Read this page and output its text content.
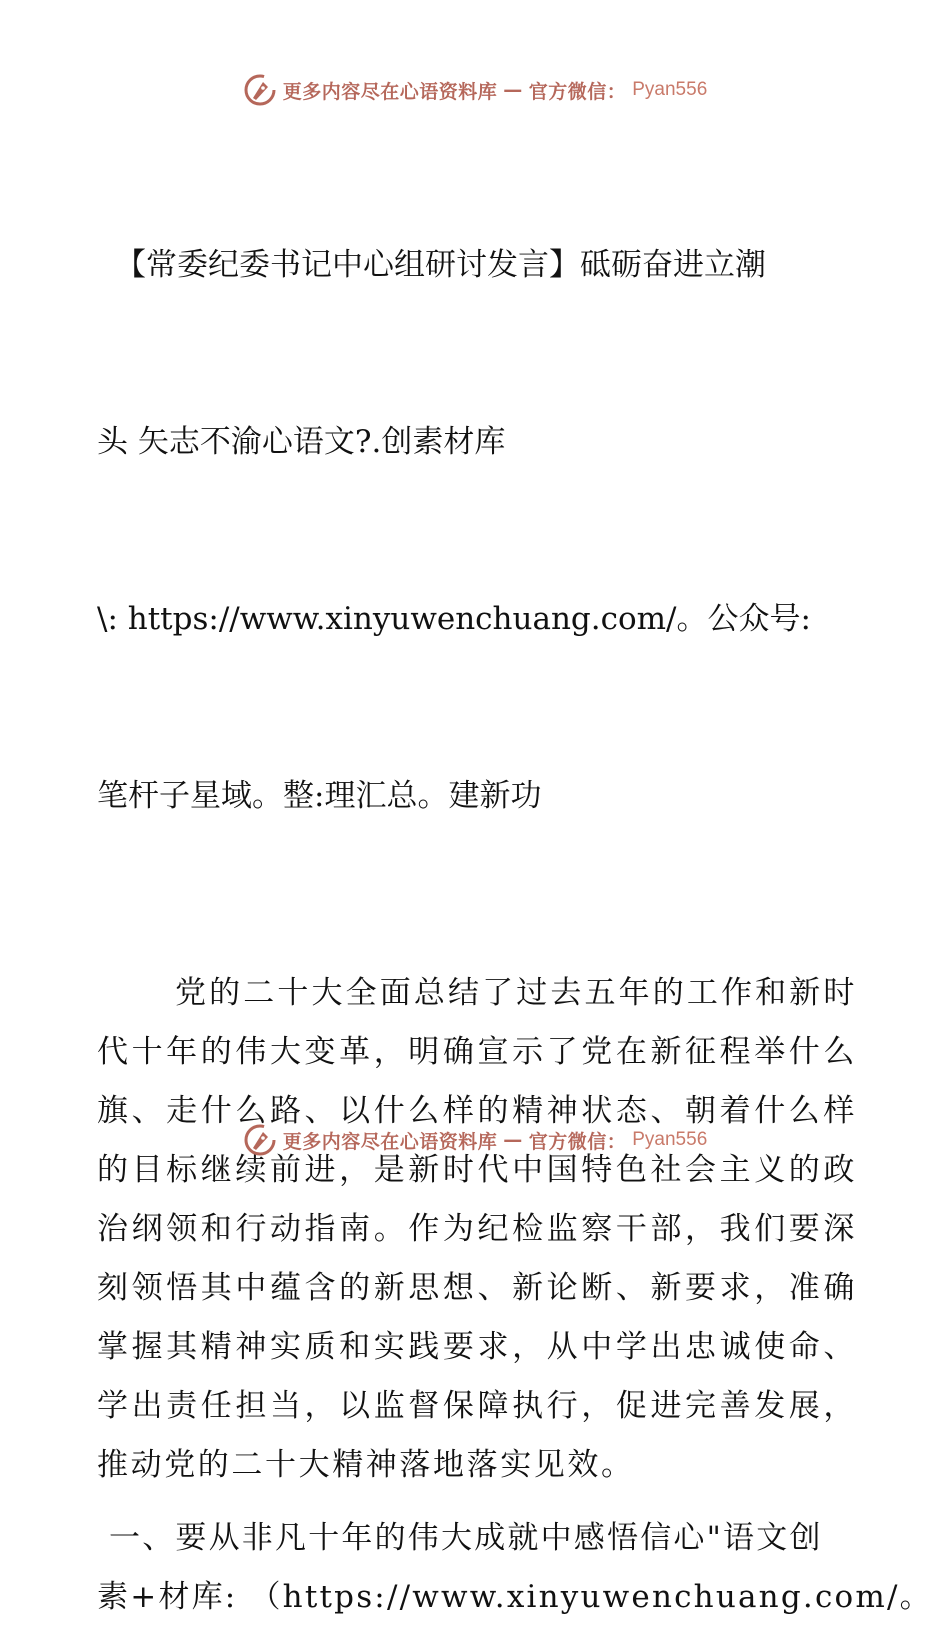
更多内容尽在心语资料库 — 官方微信： Pyan556

【常委纪委书记中心组研讨发言】砥砺奋进立潮

头 矢志不渝心语文?.创素材库

\: https://www.xinyuwenchuang.com/。公众号:

笔杆子星域。整:理汇总。建新功

党的二十大全面总结了过去五年的工作和新时代十年的伟大变革，明确宣示了党在新征程举什么旗、走什么路、以什么样的精神状态、朝着什么样的目标继续前进，是新时代中国特色社会主义的政治纲领和行动指南。作为纪检监察干部，我们要深刻领悟其中蕴含的新思想、新论断、新要求，准确掌握其精神实质和实践要求，从中学出忠诚使命、学出责任担当，以监督保障执行，促进完善发展，推动党的二十大精神落地落实见效。
一、要从非凡十年的伟大成就中感悟信心"语文创
素+材库: （https://www.xinyuwenchuang.com/。
更多内容尽在心语资料库 — 官方微信： Pyan556
